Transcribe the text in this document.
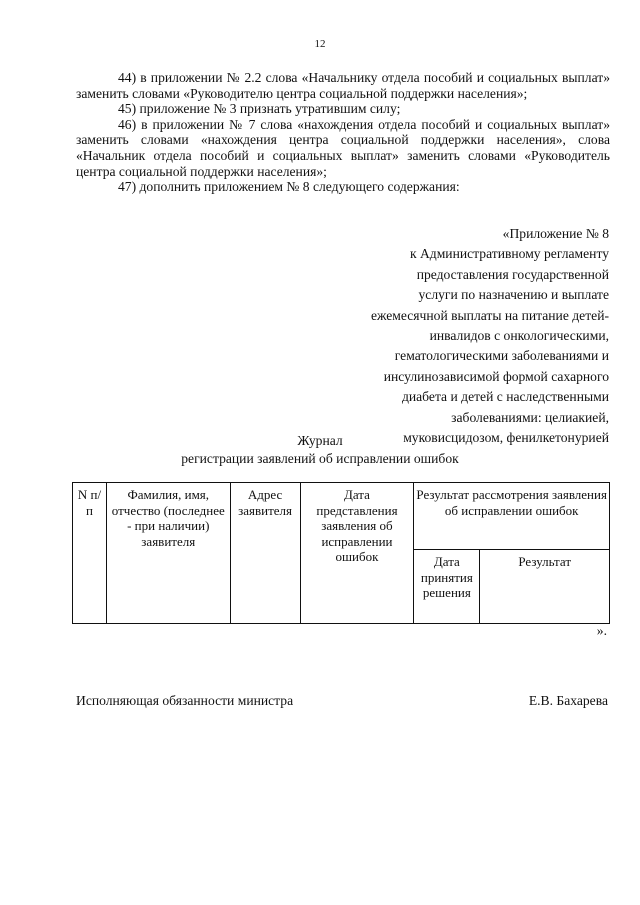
12

44) в приложении № 2.2 слова «Начальнику отдела пособий и социальных выплат» заменить словами «Руководителю центра социальной поддержки населения»;

45) приложение № 3 признать утратившим силу;

46) в приложении № 7 слова «нахождения отдела пособий и социальных выплат» заменить словами «нахождения центра социальной поддержки населения», слова «Начальник отдела пособий и социальных выплат» заменить словами «Руководитель центра социальной поддержки населения»;

47) дополнить приложением № 8 следующего содержания:

«Приложение № 8
к Административному регламенту
предоставления государственной
услуги по назначению и выплате
ежемесячной выплаты на питание детей-
инвалидов с онкологическими,
гематологическими заболеваниями и
инсулинозависимой формой сахарного
диабета и детей с наследственными
заболеваниями: целиакией,
муковисцидозом, фенилкетонурией
Журнал
регистрации заявлений об исправлении ошибок
N п/п	Фамилия, имя, отчество (последнее - при наличии) заявителя	Адрес заявителя	Дата представления заявления об исправлении ошибок	Результат рассмотрения заявления об исправлении ошибок	
				Дата принятия решения	Результат
».
Исполняющая обязанности министра	Е.В. Бахарева
